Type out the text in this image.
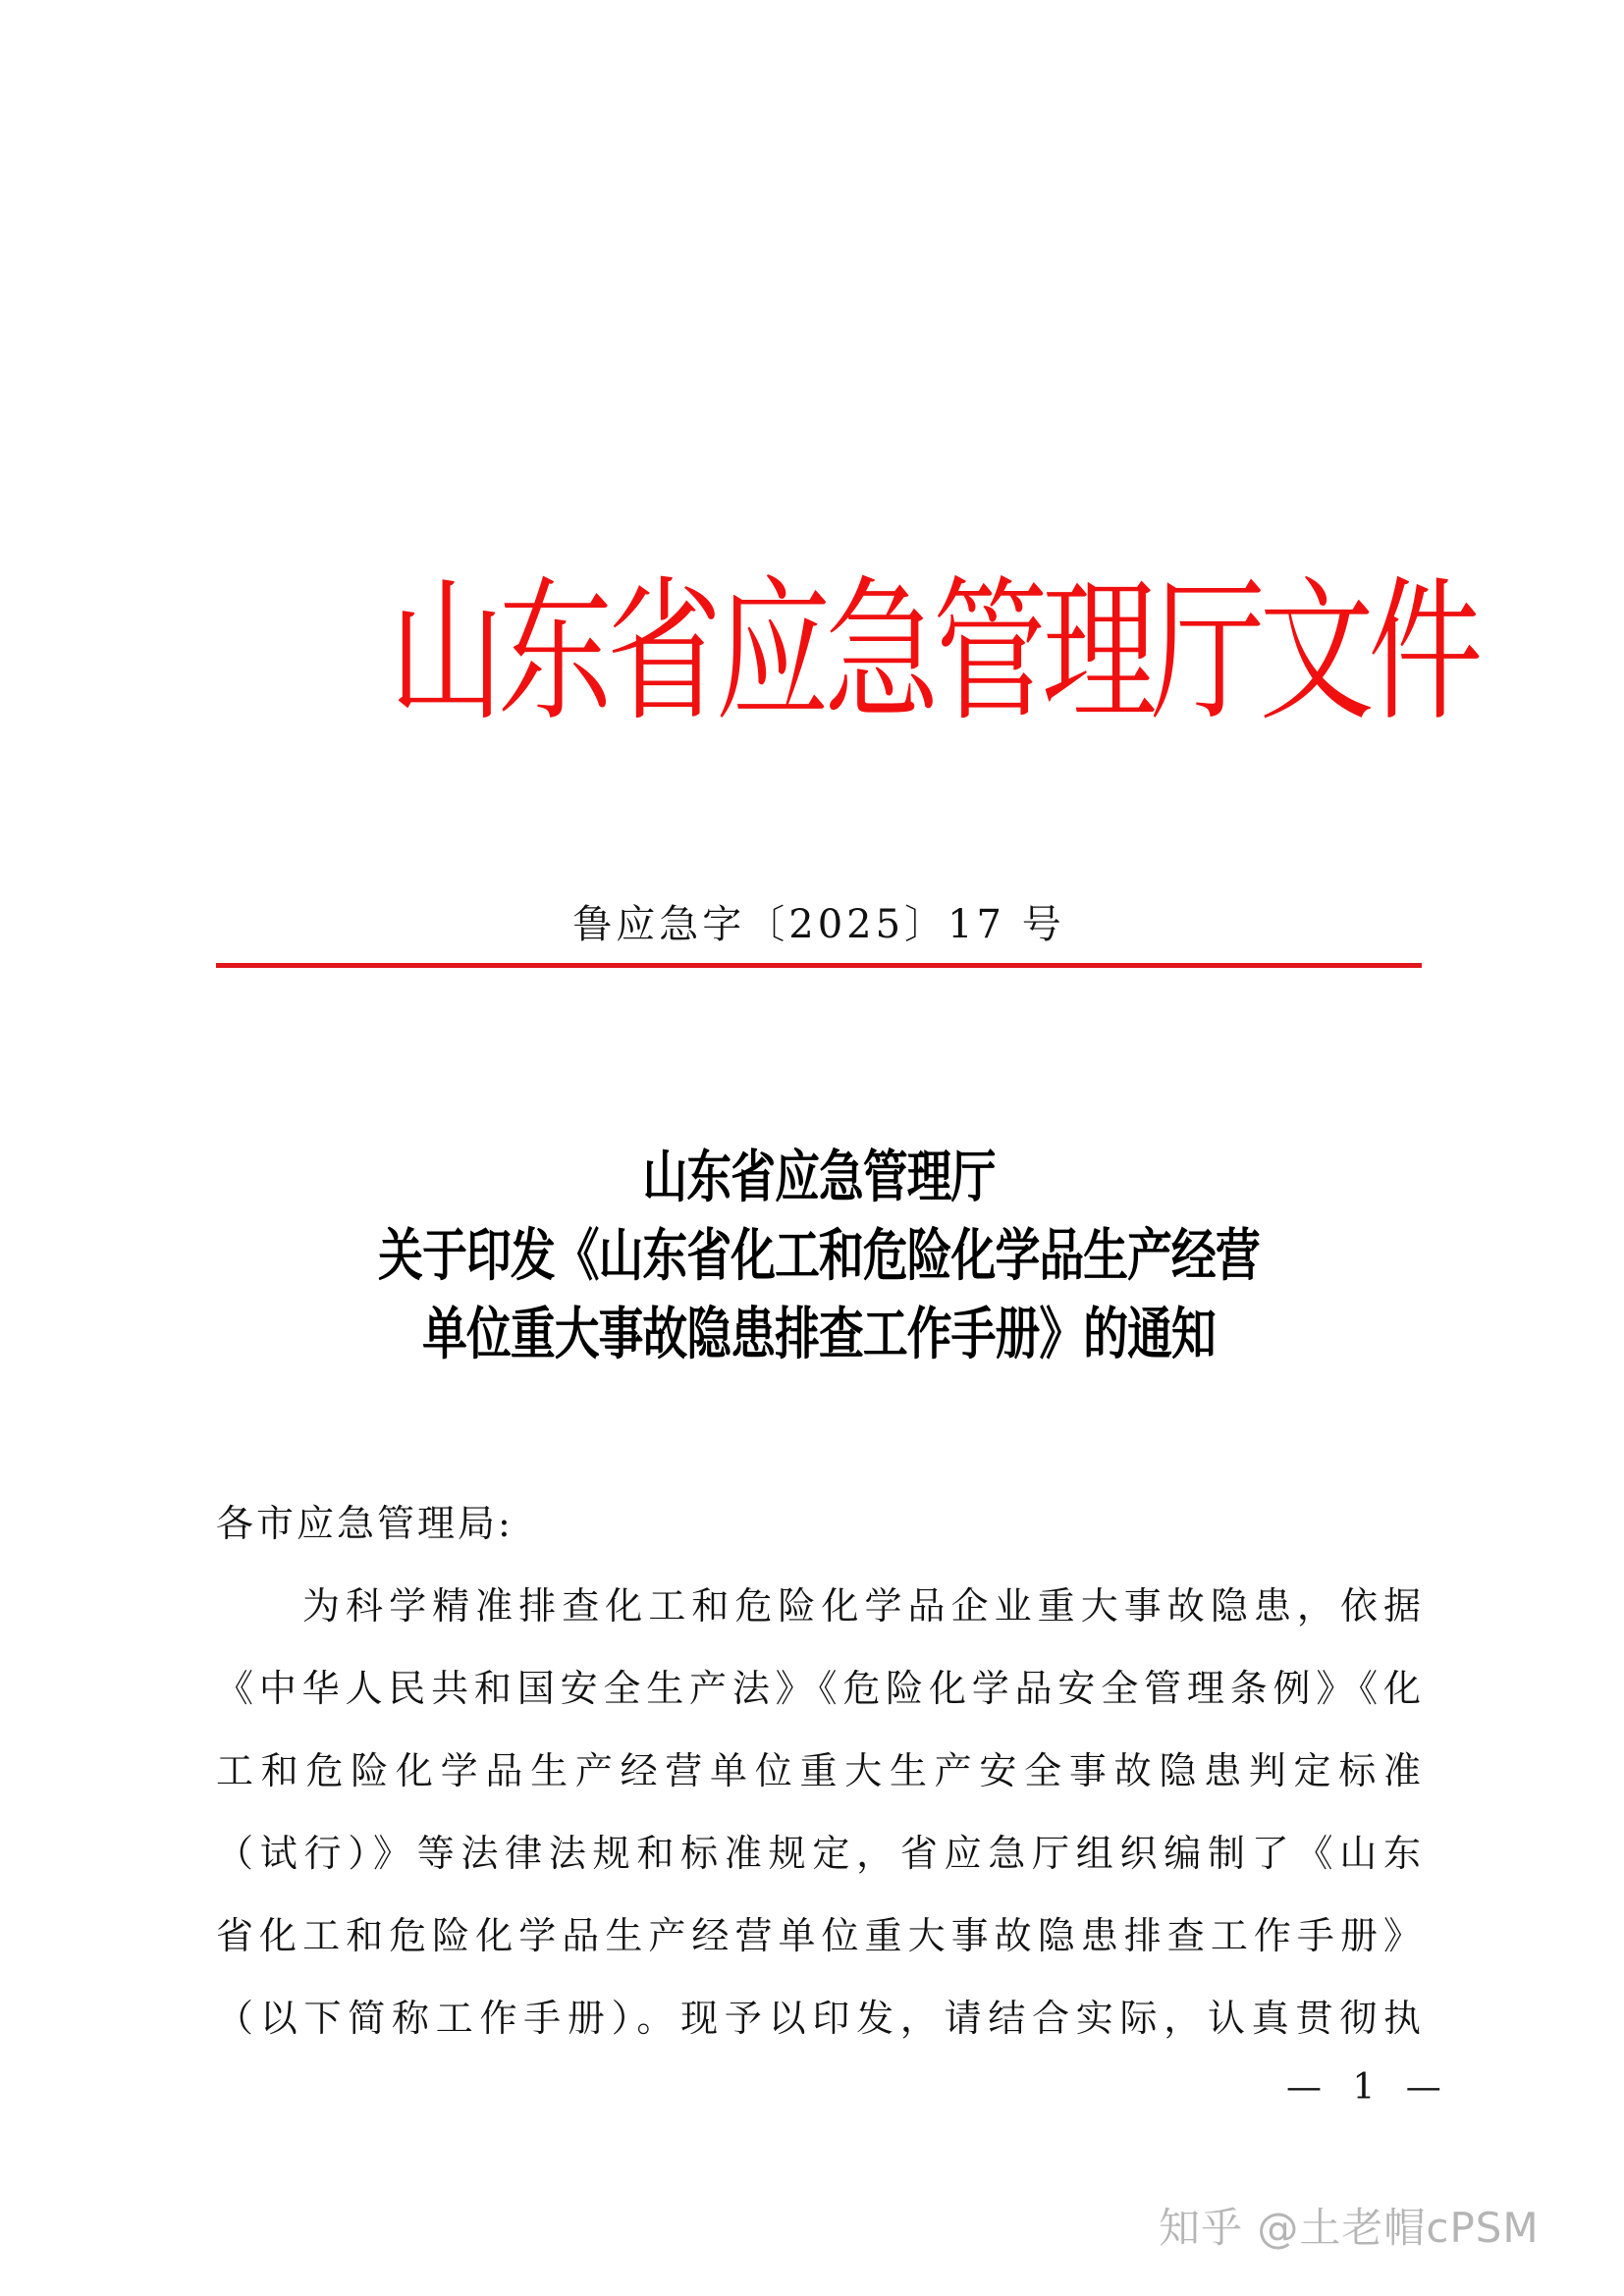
山东省应急管理厅文件
鲁应急字〔2025〕17 号
山东省应急管理厅
关于印发《山东省化工和危险化学品生产经营
单位重大事故隐患排查工作手册》的通知
各市应急管理局:
为科学精准排查化工和危险化学品企业重大事故隐患，依据
《中华人民共和国安全生产法》《危险化学品安全管理条例》《化
工和危险化学品生产经营单位重大生产安全事故隐患判定标准
（试行）》等法律法规和标准规定，省应急厅组织编制了《山东
省化工和危险化学品生产经营单位重大事故隐患排查工作手册》
（以下简称工作手册）。现予以印发，请结合实际，认真贯彻执
— 1 —
知乎 @土老帽cPSM
